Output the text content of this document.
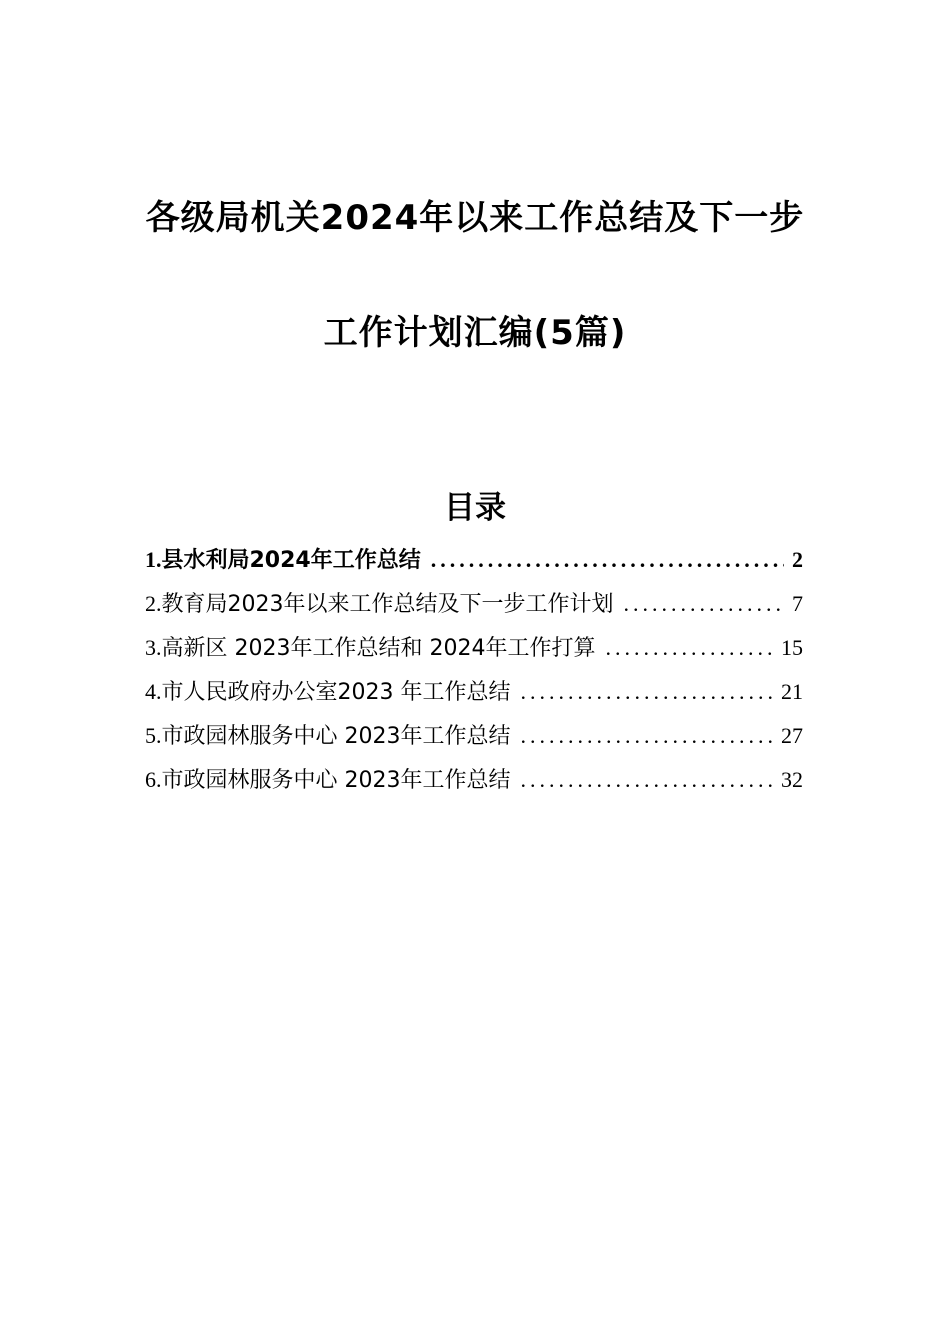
各级局机关2024年以来工作总结及下一步
工作计划汇编(5篇)
目录
1.县水利局2024年工作总结 .....	2
2.教育局2023年以来工作总结及下一步工作计划 .....	7
3.高新区 2023年工作总结和 2024年工作打算 .....	15
4.市人民政府办公室2023 年工作总结 .....	21
5.市政园林服务中心 2023年工作总结 .....	27
6.市政园林服务中心 2023年工作总结 .....	32
